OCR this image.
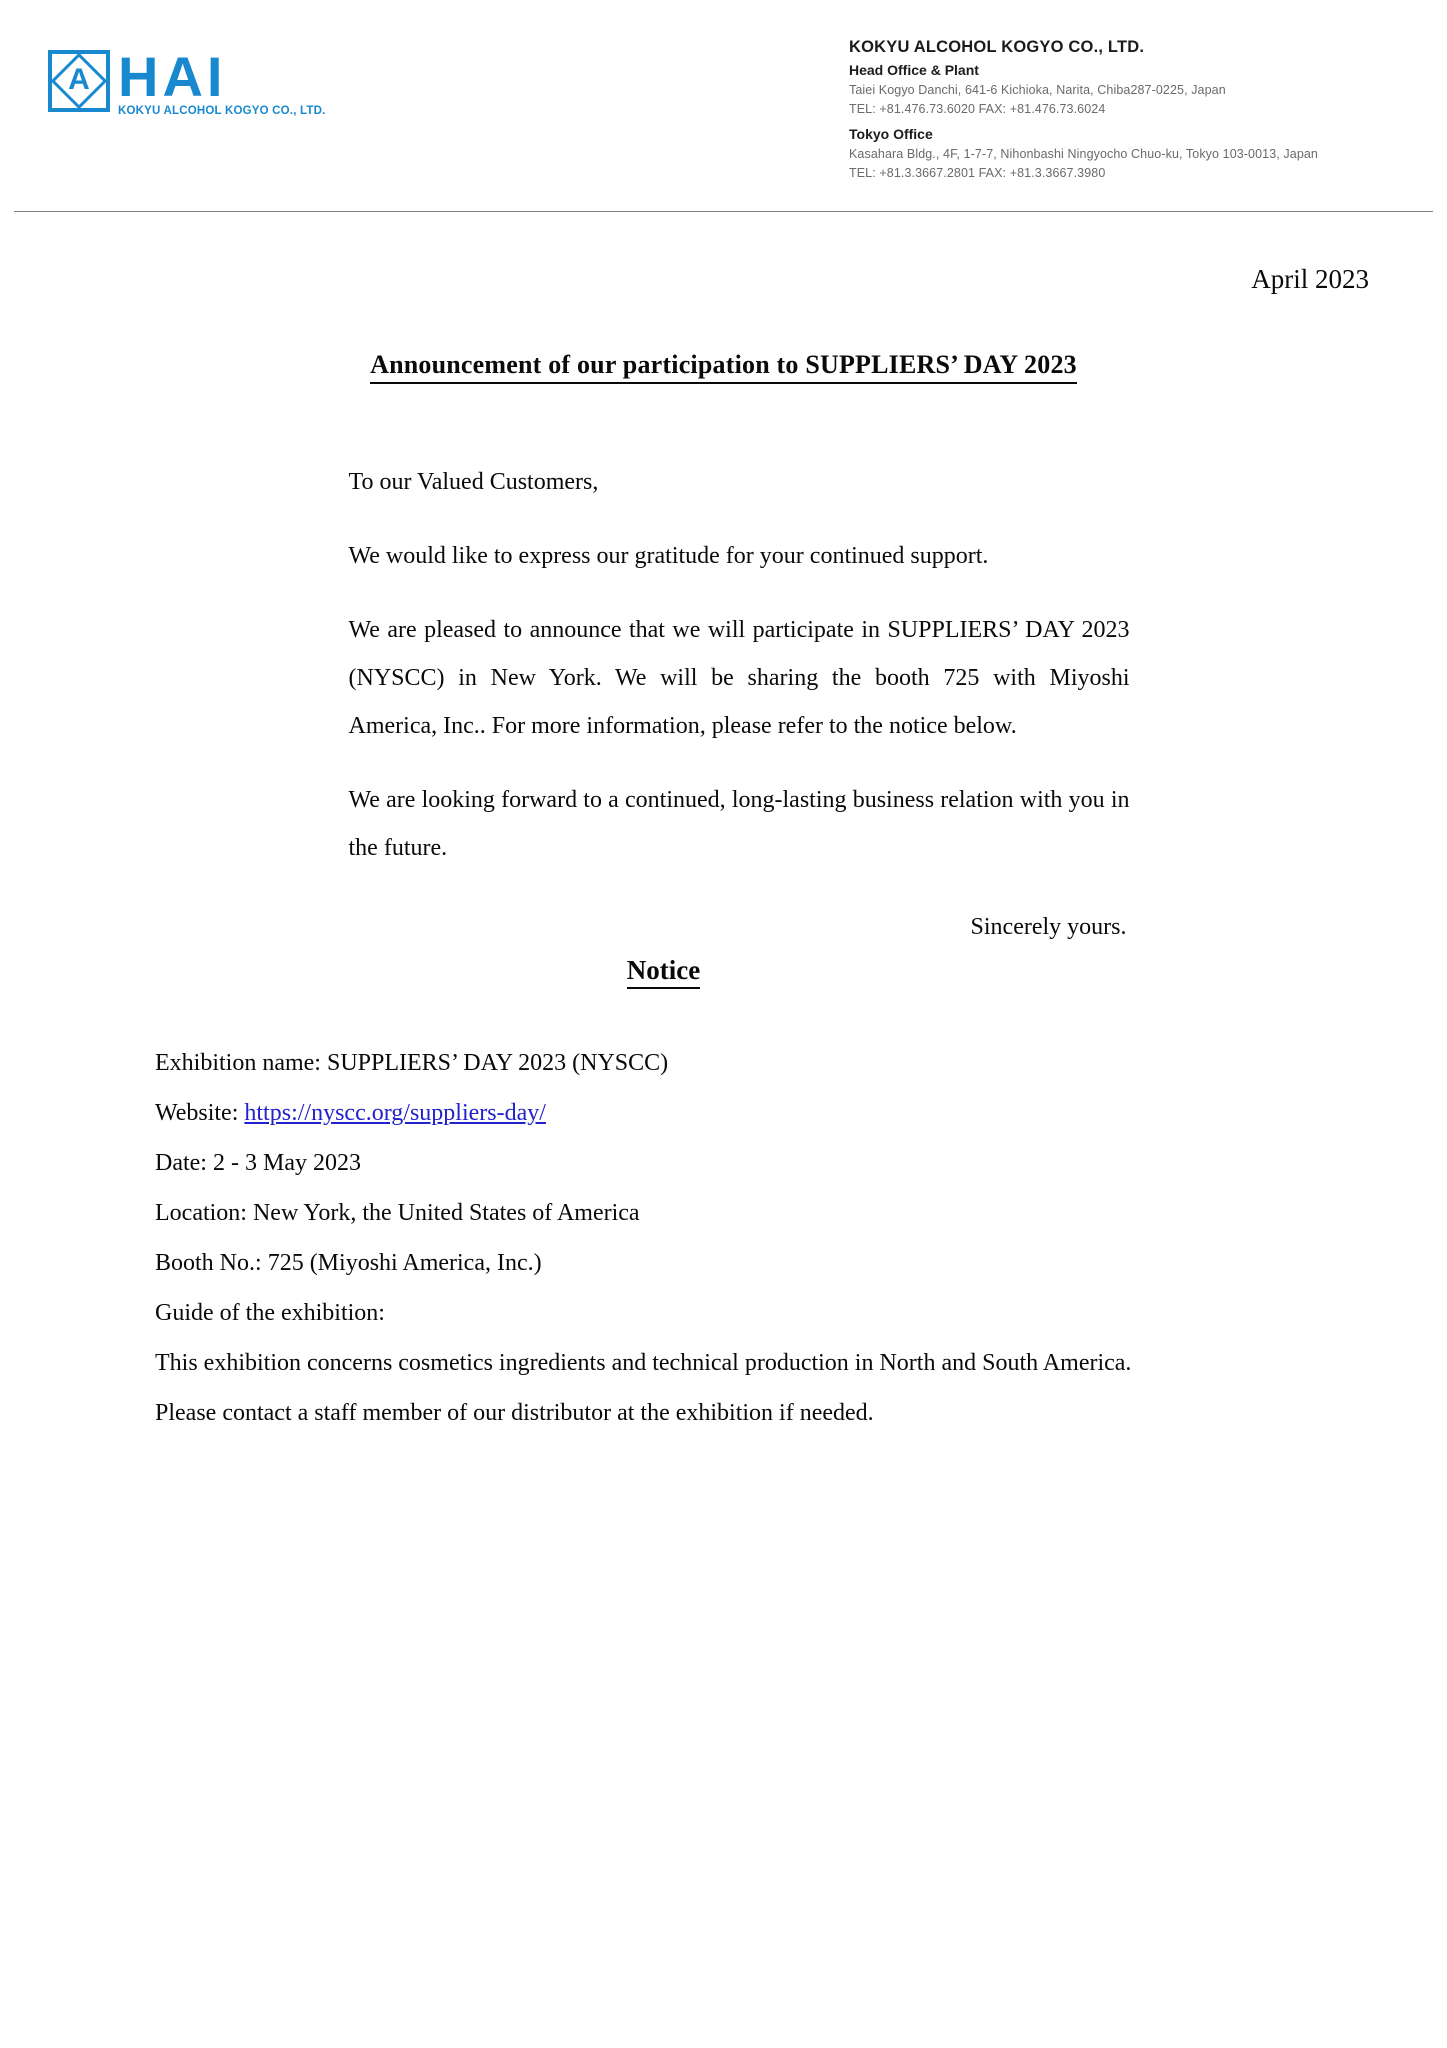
A HAI
KOKYU ALCOHOL KOGYO CO., LTD.
KOKYU ALCOHOL KOGYO CO., LTD.
Head Office & Plant
Taiei Kogyo Danchi, 641-6 Kichioka, Narita, Chiba287-0225, Japan
TEL: +81.476.73.6020 FAX: +81.476.73.6024
Tokyo Office
Kasahara Bldg., 4F, 1-7-7, Nihonbashi Ningyocho Chuo-ku, Tokyo 103-0013, Japan
TEL: +81.3.3667.2801 FAX: +81.3.3667.3980
April 2023
Announcement of our participation to SUPPLIERS’ DAY 2023
To our Valued Customers,
We would like to express our gratitude for your continued support.
We are pleased to announce that we will participate in SUPPLIERS’ DAY 2023 (NYSCC) in New York. We will be sharing the booth 725 with Miyoshi America, Inc.. For more information, please refer to the notice below.
We are looking forward to a continued, long-lasting business relation with you in the future.
Sincerely yours.
Notice
Exhibition name: SUPPLIERS’ DAY 2023 (NYSCC)
Website: https://nyscc.org/suppliers-day/
Date: 2 - 3 May 2023
Location: New York, the United States of America
Booth No.: 725 (Miyoshi America, Inc.)
Guide of the exhibition:
This exhibition concerns cosmetics ingredients and technical production in North and South America.
Please contact a staff member of our distributor at the exhibition if needed.
